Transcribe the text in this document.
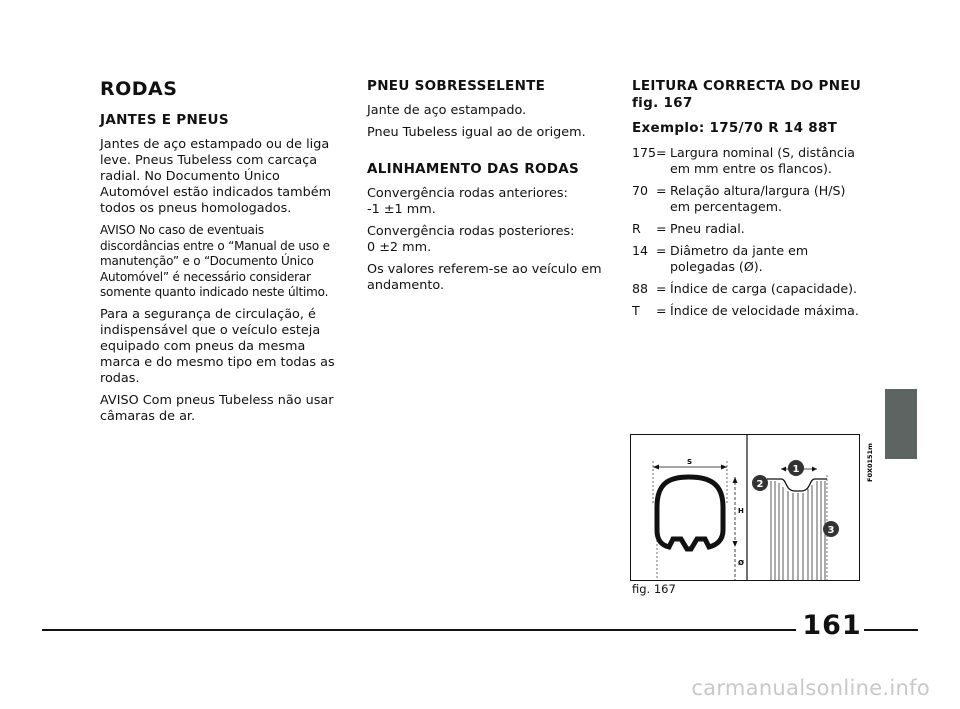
RODAS
JANTES E PNEUS

Jantes de aço estampado ou de liga leve. Pneus Tubeless com carcaça radial. No Documento Único Automóvel estão indicados também todos os pneus homologados.

AVISO No caso de eventuais discordâncias entre o “Manual de uso e manutenção” e o “Documento Único Automóvel” é necessário considerar somente quanto indicado neste último.

Para a segurança de circulação, é indispensável que o veículo esteja equipado com pneus da mesma marca e do mesmo tipo em todas as rodas.

AVISO Com pneus Tubeless não usar câmaras de ar.

PNEU SOBRESSELENTE

Jante de aço estampado.

Pneu Tubeless igual ao de origem.

ALINHAMENTO DAS RODAS

Convergência rodas anteriores:
-1 ±1 mm.

Convergência rodas posteriores:
0 ±2 mm.

Os valores referem-se ao veículo em andamento.

LEITURA CORRECTA DO PNEU fig. 167
Exemplo: 175/70 R 14 88T
175 = Largura nominal (S, distância em mm entre os flancos).
70 = Relação altura/largura (H/S) em percentagem.
R	= Pneu radial.
14 = Diâmetro da jante em polegadas (Ø).
88 = Índice de carga (capacidade).
T	= Índice de velocidade máxima.
S
H
Ø
1
2
3
F0X0151m
fig. 167
161
carmanualsonline.info
